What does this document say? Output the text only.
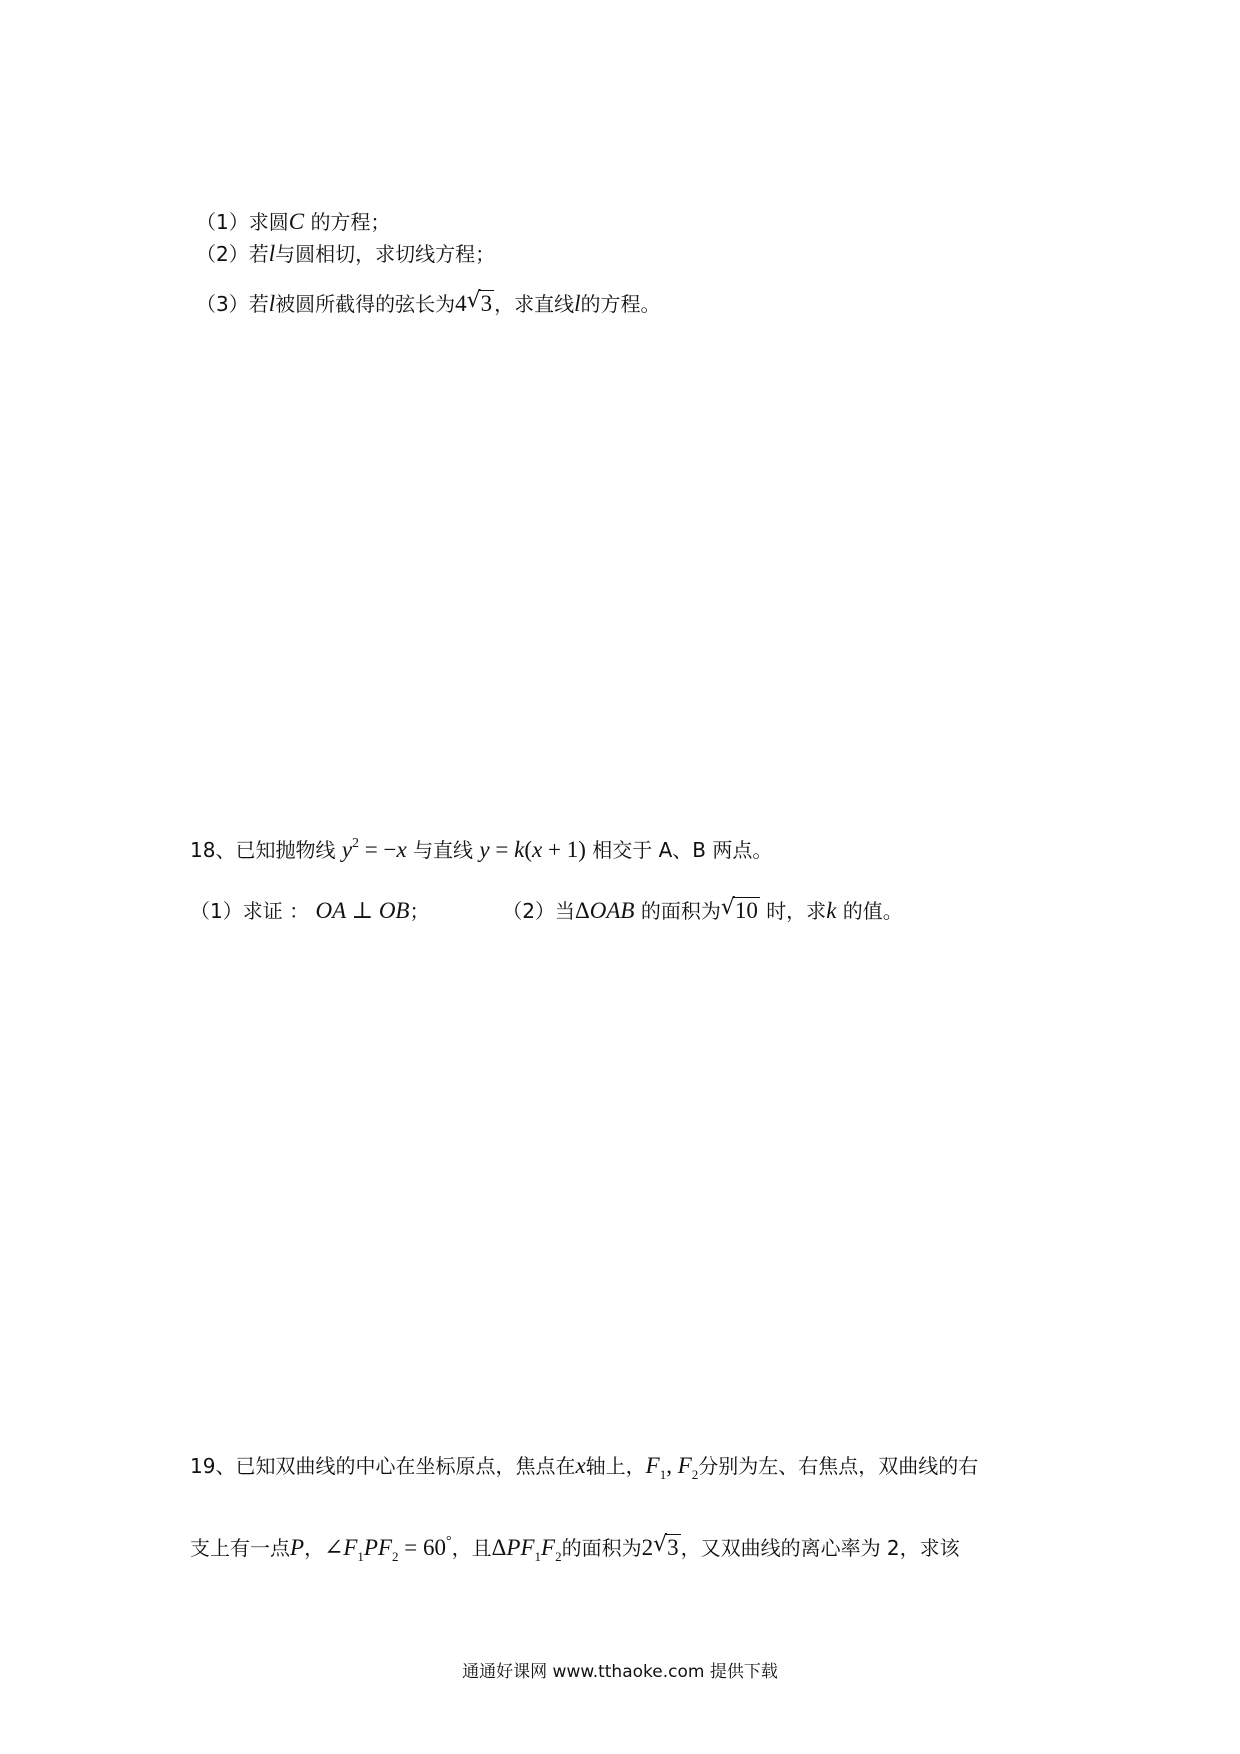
（1）求圆C 的方程；
（2）若l与圆相切，求切线方程；
（3）若l被圆所截得的弦长为4 √ 3 ，求直线l的方程。
18、已知抛物线 $y^2 = -x$ 与直线 y = k(x + 1) 相交于 A、B 两点。
（1）求证 ： OA ⊥ OB；	（2）当ΔOAB 的面积为 √ 10 时，求k 的值。
19、已知双曲线的中心在坐标原点，焦点在x轴上，$F_1$, $F_2$分别为左、右焦点，双曲线的右
支上有一点P，$\angle F_1PF_2 = 60^\circ$，且$\Delta PF_1F_2$的面积为2 √ 3 ，又双曲线的离心率为 2，求该
通通好课网 www.tthaoke.com 提供下载
